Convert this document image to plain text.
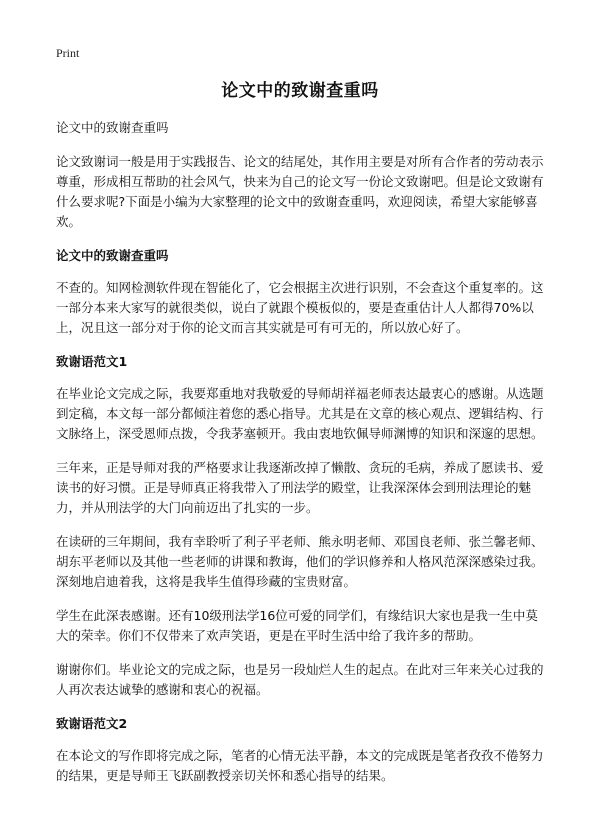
Print
论文中的致谢查重吗

论文中的致谢查重吗

论文致谢词一般是用于实践报告、论文的结尾处，其作用主要是对所有合作者的劳动表示尊重，形成相互帮助的社会风气，快来为自己的论文写一份论文致谢吧。但是论文致谢有什么要求呢?下面是小编为大家整理的论文中的致谢查重吗，欢迎阅读，希望大家能够喜欢。

论文中的致谢查重吗

不查的。知网检测软件现在智能化了，它会根据主次进行识别，不会查这个重复率的。这一部分本来大家写的就很类似，说白了就跟个模板似的，要是查重估计人人都得70%以上，况且这一部分对于你的论文而言其实就是可有可无的，所以放心好了。

致谢语范文1

在毕业论文完成之际，我要郑重地对我敬爱的导师胡祥福老师表达最衷心的感谢。从选题到定稿，本文每一部分都倾注着您的悉心指导。尤其是在文章的核心观点、逻辑结构、行文脉络上，深受恩师点拨，令我茅塞顿开。我由衷地钦佩导师渊博的知识和深邃的思想。

三年来，正是导师对我的严格要求让我逐渐改掉了懒散、贪玩的毛病，养成了愿读书、爱读书的好习惯。正是导师真正将我带入了刑法学的殿堂，让我深深体会到刑法理论的魅力，并从刑法学的大门向前迈出了扎实的一步。

在读研的三年期间，我有幸聆听了利子平老师、熊永明老师、邓国良老师、张兰馨老师、胡东平老师以及其他一些老师的讲课和教诲，他们的学识修养和人格风范深深感染过我。深刻地启迪着我，这将是我毕生值得珍藏的宝贵财富。

学生在此深表感谢。还有10级刑法学16位可爱的同学们，有缘结识大家也是我一生中莫大的荣幸。你们不仅带来了欢声笑语，更是在平时生活中给了我许多的帮助。

谢谢你们。毕业论文的完成之际，也是另一段灿烂人生的起点。在此对三年来关心过我的人再次表达诚挚的感谢和衷心的祝福。

致谢语范文2

在本论文的写作即将完成之际，笔者的心情无法平静，本文的完成既是笔者孜孜不倦努力的结果，更是导师王飞跃副教授亲切关怀和悉心指导的结果。
